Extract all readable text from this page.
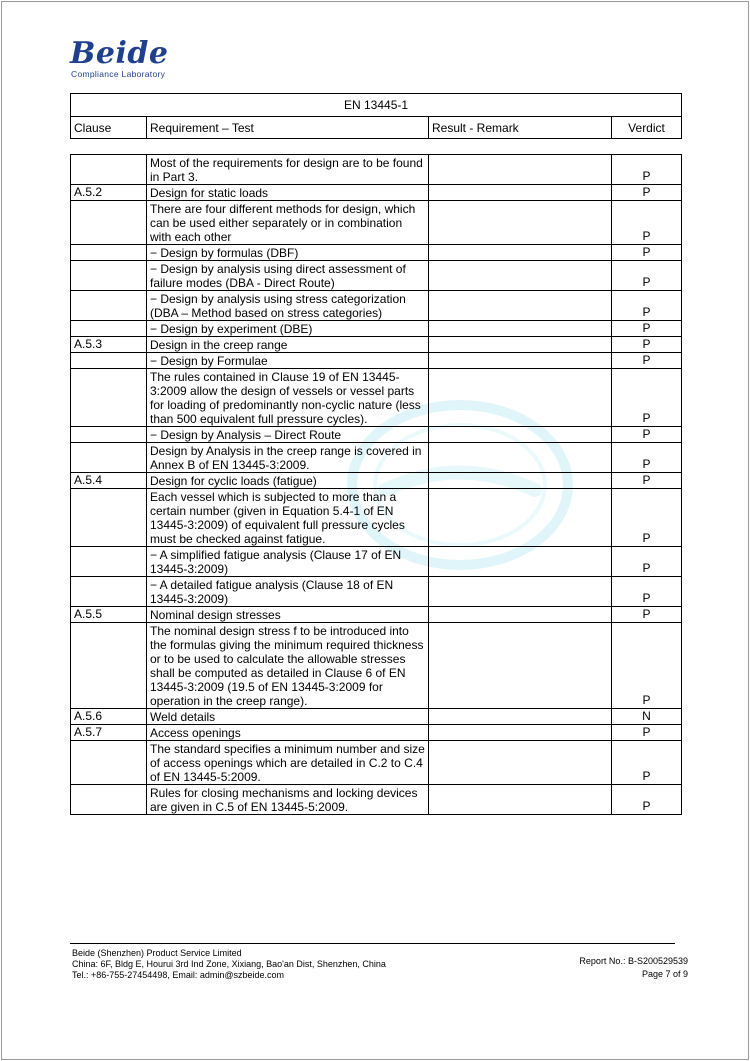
Beide
Compliance Laboratory
EN 13445-1
Clause	Requirement – Test	Result - Remark	Verdict
	Most of the requirements for design are to be found in Part 3.		P
A.5.2	Design for static loads		P
	There are four different methods for design, which can be used either separately or in combination with each other		P
	− Design by formulas (DBF)		P
	− Design by analysis using direct assessment of failure modes (DBA - Direct Route)		P
	− Design by analysis using stress categorization (DBA – Method based on stress categories)		P
	− Design by experiment (DBE)		P
A.5.3	Design in the creep range		P
	− Design by Formulae		P
	The rules contained in Clause 19 of EN 13445-3:2009 allow the design of vessels or vessel parts for loading of predominantly non-cyclic nature (less than 500 equivalent full pressure cycles).		P
	− Design by Analysis – Direct Route		P
	Design by Analysis in the creep range is covered in Annex B of EN 13445-3:2009.		P
A.5.4	Design for cyclic loads (fatigue)		P
	Each vessel which is subjected to more than a certain number (given in Equation 5.4-1 of EN 13445-3:2009) of equivalent full pressure cycles must be checked against fatigue.		P
	− A simplified fatigue analysis (Clause 17 of EN 13445-3:2009)		P
	− A detailed fatigue analysis (Clause 18 of EN 13445-3:2009)		P
A.5.5	Nominal design stresses		P
	The nominal design stress f to be introduced into the formulas giving the minimum required thickness or to be used to calculate the allowable stresses shall be computed as detailed in Clause 6 of EN 13445-3:2009 (19.5 of EN 13445-3:2009 for operation in the creep range).		P
A.5.6	Weld details		N
A.5.7	Access openings		P
	The standard specifies a minimum number and size of access openings which are detailed in C.2 to C.4 of EN 13445-5:2009.		P
	Rules for closing mechanisms and locking devices are given in C.5 of EN 13445-5:2009.		P
Beide (Shenzhen) Product Service Limited
China: 6F, Bldg E, Hourui 3rd Ind Zone, Xixiang, Bao'an Dist, Shenzhen, China
Tel.: +86-755-27454498, Email: admin@szbeide.com
Report No.: B-S200529539
Page 7 of 9
